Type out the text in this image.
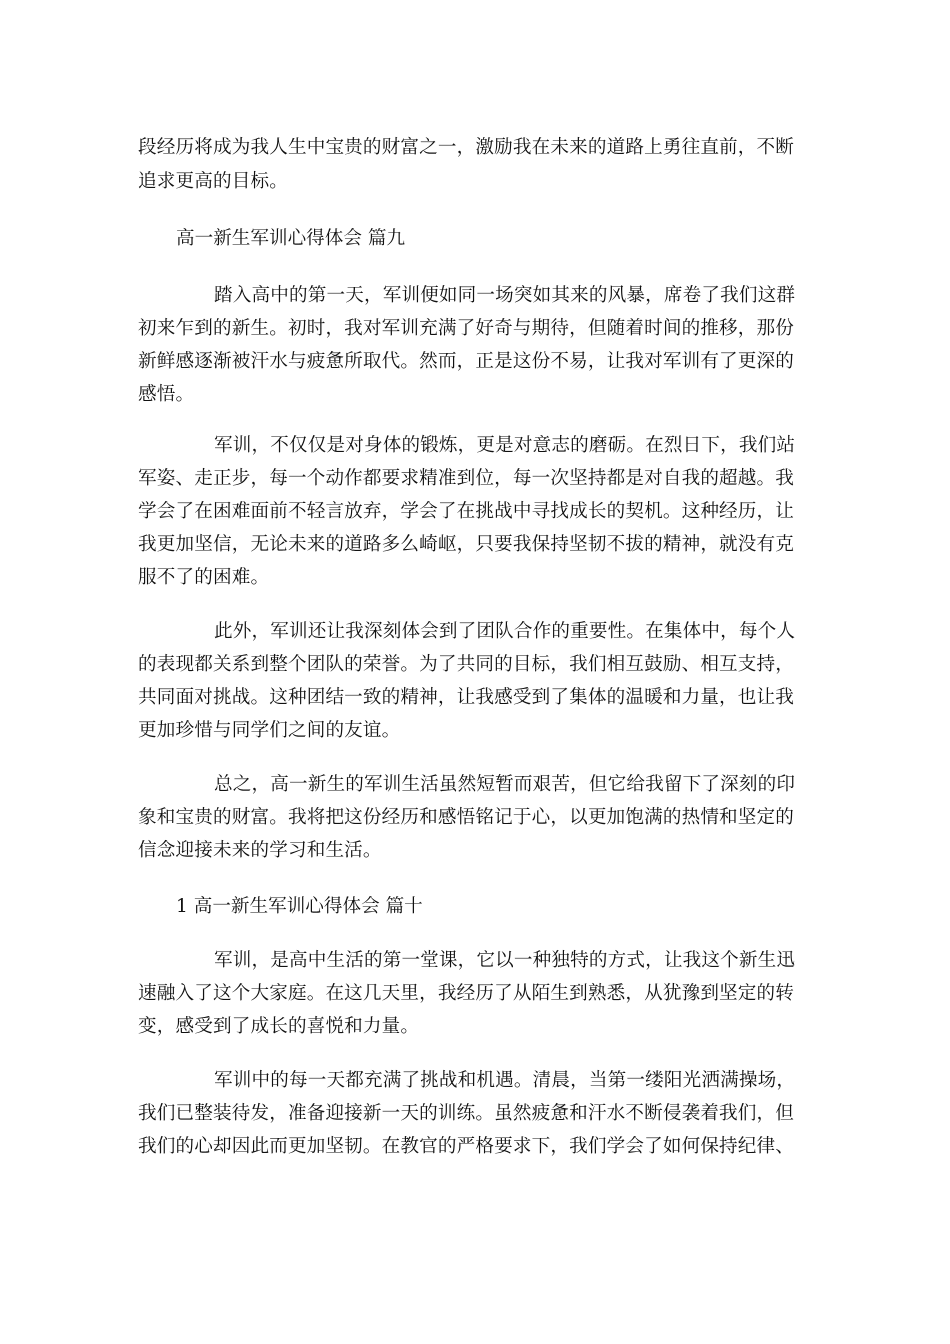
段经历将成为我人生中宝贵的财富之一，激励我在未来的道路上勇往直前，不断
追求更高的目标。
高一新生军训心得体会 篇九
踏入高中的第一天，军训便如同一场突如其来的风暴，席卷了我们这群
初来乍到的新生。初时，我对军训充满了好奇与期待，但随着时间的推移，那份
新鲜感逐渐被汗水与疲惫所取代。然而，正是这份不易，让我对军训有了更深的
感悟。
军训，不仅仅是对身体的锻炼，更是对意志的磨砺。在烈日下，我们站
军姿、走正步，每一个动作都要求精准到位，每一次坚持都是对自我的超越。我
学会了在困难面前不轻言放弃，学会了在挑战中寻找成长的契机。这种经历，让
我更加坚信，无论未来的道路多么崎岖，只要我保持坚韧不拔的精神，就没有克
服不了的困难。
此外，军训还让我深刻体会到了团队合作的重要性。在集体中，每个人
的表现都关系到整个团队的荣誉。为了共同的目标，我们相互鼓励、相互支持，
共同面对挑战。这种团结一致的精神，让我感受到了集体的温暖和力量，也让我
更加珍惜与同学们之间的友谊。
总之，高一新生的军训生活虽然短暂而艰苦，但它给我留下了深刻的印
象和宝贵的财富。我将把这份经历和感悟铭记于心，以更加饱满的热情和坚定的
信念迎接未来的学习和生活。
1 高一新生军训心得体会 篇十
军训，是高中生活的第一堂课，它以一种独特的方式，让我这个新生迅
速融入了这个大家庭。在这几天里，我经历了从陌生到熟悉，从犹豫到坚定的转
变，感受到了成长的喜悦和力量。
军训中的每一天都充满了挑战和机遇。清晨，当第一缕阳光洒满操场，
我们已整装待发，准备迎接新一天的训练。虽然疲惫和汗水不断侵袭着我们，但
我们的心却因此而更加坚韧。在教官的严格要求下，我们学会了如何保持纪律、
